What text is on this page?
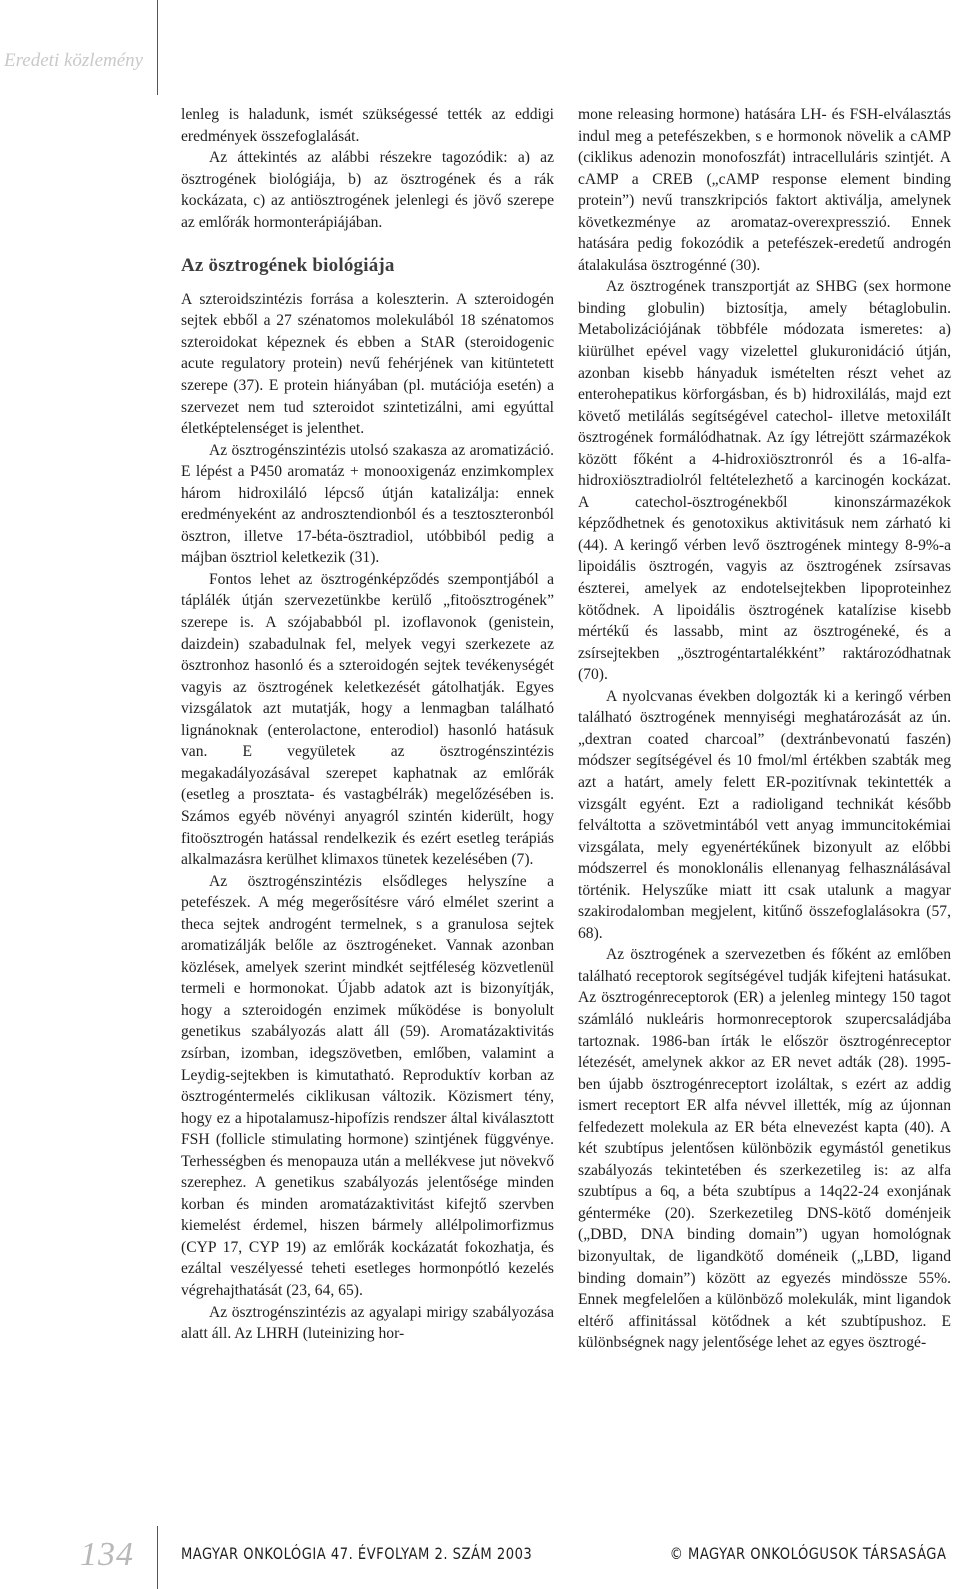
Eredeti közlemény

lenleg is haladunk, ismét szükségessé tették az eddigi eredmények összefoglalását.

Az áttekintés az alábbi részekre tagozódik: a) az ösztrogének biológiája, b) az ösztrogének és a rák kockázata, c) az antiösztrogének jelenlegi és jövő szerepe az emlőrák hormonterápiájában.

Az ösztrogének biológiája

A szteroidszintézis forrása a koleszterin. A szteroidogén sejtek ebből a 27 szénatomos molekulából 18 szénatomos szteroidokat képeznek és ebben a StAR (steroidogenic acute regulatory protein) nevű fehérjének van kitüntetett szerepe (37). E protein hiányában (pl. mutációja esetén) a szervezet nem tud szteroidot szintetizálni, ami egyúttal életképtelenséget is jelenthet.

Az ösztrogénszintézis utolsó szakasza az aromatizáció. E lépést a P450 aromatáz + monooxigenáz enzimkomplex három hidroxiláló lépcső útján katalizálja: ennek eredményeként az androsztendionból és a tesztoszteronból ösztron, illetve 17-béta-ösztradiol, utóbbiból pedig a májban ösztriol keletkezik (31).

Fontos lehet az ösztrogénképződés szempontjából a táplálék útján szervezetünkbe kerülő „fitoösztrogének” szerepe is. A szójababból pl. izoflavonok (genistein, daizdein) szabadulnak fel, melyek vegyi szerkezete az ösztronhoz hasonló és a szteroidogén sejtek tevékenységét vagyis az ösztrogének keletkezését gátolhatják. Egyes vizsgálatok azt mutatják, hogy a lenmagban található lignánoknak (enterolactone, enterodiol) hasonló hatásuk van. E vegyületek az ösztrogénszintézis megakadályozásával szerepet kaphatnak az emlőrák (esetleg a prosztata- és vastagbélrák) megelőzésében is. Számos egyéb növényi anyagról szintén kiderült, hogy fitoösztrogén hatással rendelkezik és ezért esetleg terápiás alkalmazásra kerülhet klimaxos tünetek kezelésében (7).

Az ösztrogénszintézis elsődleges helyszíne a petefészek. A még megerősítésre váró elmélet szerint a theca sejtek androgént termelnek, s a granulosa sejtek aromatizálják belőle az ösztrogéneket. Vannak azonban közlések, amelyek szerint mindkét sejtféleség közvetlenül termeli e hormonokat. Újabb adatok azt is bizonyítják, hogy a szteroidogén enzimek működése is bonyolult genetikus szabályozás alatt áll (59). Aromatázaktivitás zsírban, izomban, idegszövetben, emlőben, valamint a Leydig-sejtekben is kimutatható. Reproduktív korban az ösztrogéntermelés ciklikusan változik. Közismert tény, hogy ez a hipotalamusz-hipofízis rendszer által kiválasztott FSH (follicle stimulating hormone) szintjének függvénye. Terhességben és menopauza után a mellékvese jut növekvő szerephez. A genetikus szabályozás jelentősége minden korban és minden aromatázaktivitást kifejtő szervben kiemelést érdemel, hiszen bármely allélpolimorfizmus (CYP 17, CYP 19) az emlőrák kockázatát fokozhatja, és ezáltal veszélyessé teheti esetleges hormonpótló kezelés végrehajthatását (23, 64, 65).

Az ösztrogénszintézis az agyalapi mirigy szabályozása alatt áll. Az LHRH (luteinizing hor-

mone releasing hormone) hatására LH- és FSH-elválasztás indul meg a petefészekben, s e hormonok növelik a cAMP (ciklikus adenozin monofoszfát) intracelluláris szintjét. A cAMP a CREB („cAMP response element binding protein”) nevű transzkripciós faktort aktiválja, amelynek következménye az aromataz-overexpresszió. Ennek hatására pedig fokozódik a petefészek-eredetű androgén átalakulása ösztrogénné (30).

Az ösztrogének transzportját az SHBG (sex hormone binding globulin) biztosítja, amely bétaglobulin. Metabolizációjának többféle módozata ismeretes: a) kiürülhet epével vagy vizelettel glukuronidáció útján, azonban kisebb hányaduk ismételten részt vehet az enterohepatikus körforgásban, és b) hidroxilálás, majd ezt követő metilálás segítségével catechol- illetve metoxiláIt ösztrogének formálódhatnak. Az így létrejött származékok között főként a 4-hidroxiösztronról és a 16-alfa-hidroxiösztradiolról feltételezhető a karcinogén kockázat. A catechol-ösztrogénekből kinonszármazékok képződhetnek és genotoxikus aktivitásuk nem zárható ki (44). A keringő vérben levő ösztrogének mintegy 8-9%-a lipoidális ösztrogén, vagyis az ösztrogének zsírsavas észterei, amelyek az endotelsejtekben lipoproteinhez kötődnek. A lipoidális ösztrogének katalízise kisebb mértékű és lassabb, mint az ösztrogéneké, és a zsírsejtekben „ösztrogéntartalékként” raktározódhatnak (70).

A nyolcvanas években dolgozták ki a keringő vérben található ösztrogének mennyiségi meghatározását az ún. „dextran coated charcoal” (dextránbevonatú faszén) módszer segítségével és 10 fmol/ml értékben szabták meg azt a határt, amely felett ER-pozitívnak tekintették a vizsgált egyént. Ezt a radioligand technikát később felváltotta a szövetmintából vett anyag immuncitokémiai vizsgálata, mely egyenértékűnek bizonyult az előbbi módszerrel és monoklonális ellenanyag felhasználásával történik. Helyszűke miatt itt csak utalunk a magyar szakirodalomban megjelent, kitűnő összefoglalásokra (57, 68).

Az ösztrogének a szervezetben és főként az emlőben található receptorok segítségével tudják kifejteni hatásukat. Az ösztrogénreceptorok (ER) a jelenleg mintegy 150 tagot számláló nukleáris hormonreceptorok szupercsaládjába tartoznak. 1986-ban írták le először ösztrogénreceptor létezését, amelynek akkor az ER nevet adták (28). 1995-ben újabb ösztrogénreceptort izoláltak, s ezért az addig ismert receptort ER alfa névvel illették, míg az újonnan felfedezett molekula az ER béta elnevezést kapta (40). A két szubtípus jelentősen különbözik egymástól genetikus szabályozás tekintetében és szerkezetileg is: az alfa szubtípus a 6q, a béta szubtípus a 14q22-24 exonjának géntermékе (20). Szerkezetileg DNS-kötő doménjeik („DBD, DNA binding domain”) ugyan homológnak bizonyultak, de ligandkötő doméneik („LBD, ligand binding domain”) között az egyezés mindössze 55%. Ennek megfelelően a különböző molekulák, mint ligandok eltérő affinitással kötődnek a két szubtípushoz. E különbségnek nagy jelentősége lehet az egyes ösztrogé-

134	MAGYAR ONKOLÓGIA 47. ÉVFOLYAM 2. SZÁM 2003	© MAGYAR ONKOLÓGUSOK TÁRSASÁGA
